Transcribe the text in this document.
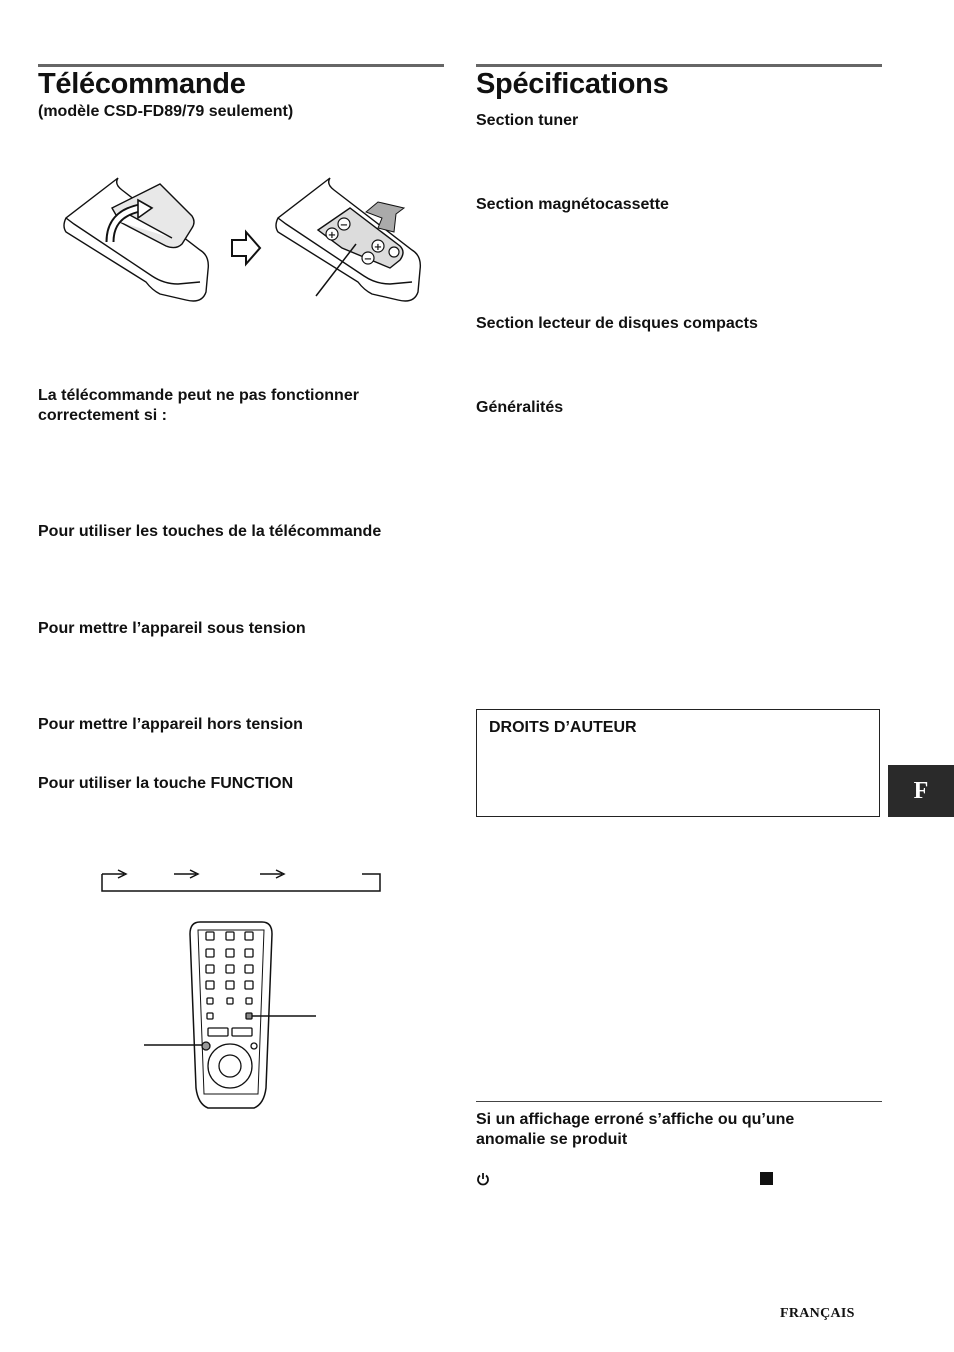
Télécommande
(modèle CSD-FD89/79 seulement)
+
−
+
−
La télécommande peut ne pas fonctionner correctement si :
Pour utiliser les touches de la télécommande
Pour mettre l’appareil sous tension
Pour mettre l’appareil hors tension
Pour utiliser la touche FUNCTION
Spécifications
Section tuner
Section magnétocassette
Section lecteur de disques compacts
Généralités
DROITS D’AUTEUR
Si un affichage erroné s’affiche ou qu’une anomalie se produit
F
FRANÇAIS
